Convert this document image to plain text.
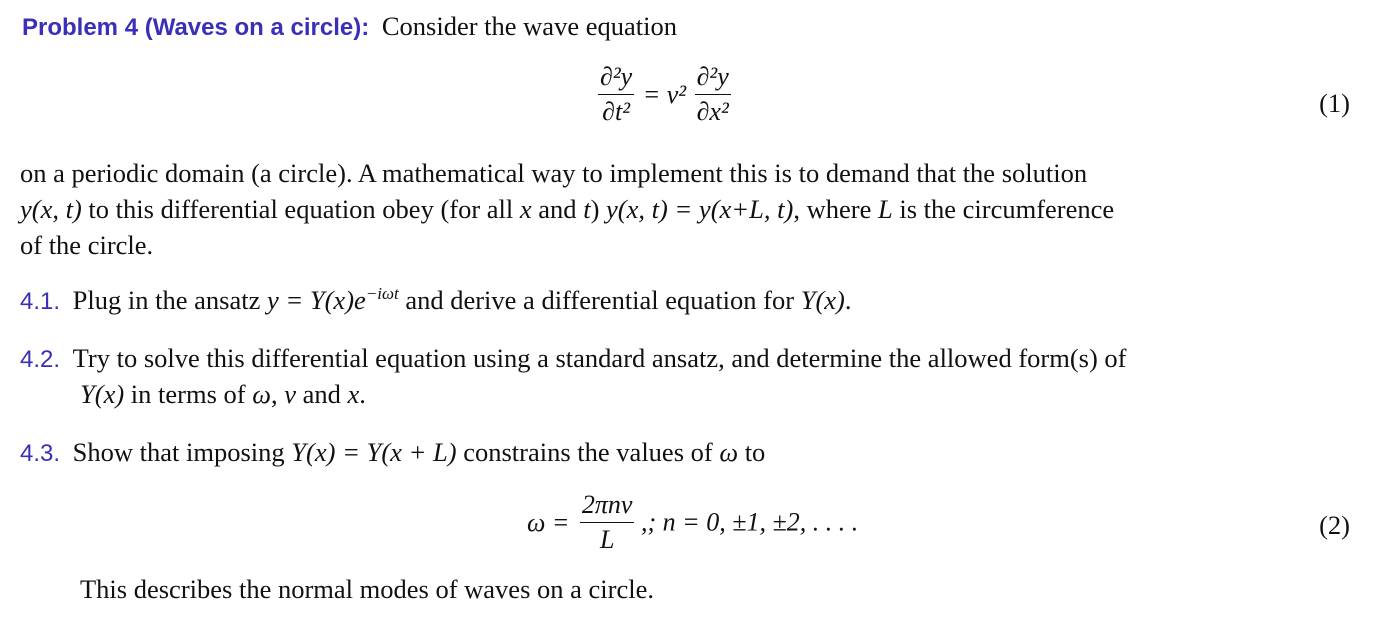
Problem 4 (Waves on a circle): Consider the wave equation
$\frac{\text{∂²y}}{\text{∂t²}} = v^2 \frac{\text{∂²y}}{\text{∂x²}}$	(1)
on a periodic domain (a circle). A mathematical way to implement this is to demand that the solution
y(x, t) to this differential equation obey (for all x and t) y(x, t) = y(x+L, t), where L is the circumference
of the circle.
4.1. Plug in the ansatz $y = Y(x)e^{-i\omega t}$ and derive a differential equation for Y(x).
4.2. Try to solve this differential equation using a standard ansatz, and determine the allowed form(s) of
Y(x) in terms of ω, v and x.
4.3. Show that imposing Y(x) = Y(x + L) constrains the values of ω to
$\omega = \frac{\text{2πnv}}{L}$ ,; n = 0, ±1, ±2, . . . .	(2)
This describes the normal modes of waves on a circle.
